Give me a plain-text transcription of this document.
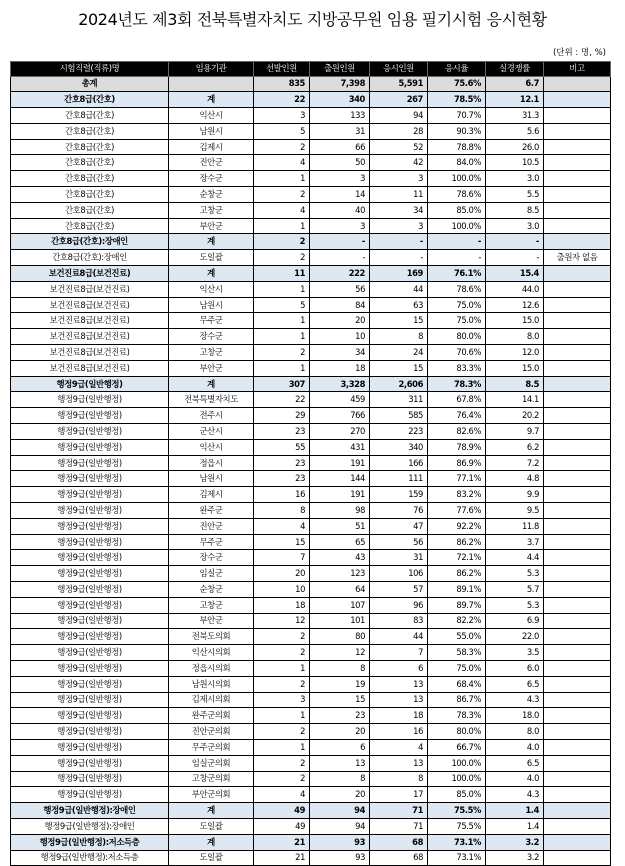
2024년도 제3회 전북특별자치도 지방공무원 임용 필기시험 응시현황
(단위 : 명, %)
시험직렬(직류)명	임용기관	선발인원	출원인원	응시인원	응시율	실경쟁률	비고
총계		835	7,398	5,591	75.6%	6.7	
간호8급(간호)	계	22	340	267	78.5%	12.1	
간호8급(간호)	익산시	3	133	94	70.7%	31.3	
간호8급(간호)	남원시	5	31	28	90.3%	5.6	
간호8급(간호)	김제시	2	66	52	78.8%	26.0	
간호8급(간호)	진안군	4	50	42	84.0%	10.5	
간호8급(간호)	장수군	1	3	3	100.0%	3.0	
간호8급(간호)	순창군	2	14	11	78.6%	5.5	
간호8급(간호)	고창군	4	40	34	85.0%	8.5	
간호8급(간호)	부안군	1	3	3	100.0%	3.0	
간호8급(간호):장애인	계	2	-	-	-	-	
간호8급(간호):장애인	도일괄	2	-	-	-	-	출원자 없음
보건진료8급(보건진료)	계	11	222	169	76.1%	15.4	
보건진료8급(보건진료)	익산시	1	56	44	78.6%	44.0	
보건진료8급(보건진료)	남원시	5	84	63	75.0%	12.6	
보건진료8급(보건진료)	무주군	1	20	15	75.0%	15.0	
보건진료8급(보건진료)	장수군	1	10	8	80.0%	8.0	
보건진료8급(보건진료)	고창군	2	34	24	70.6%	12.0	
보건진료8급(보건진료)	부안군	1	18	15	83.3%	15.0	
행정9급(일반행정)	계	307	3,328	2,606	78.3%	8.5	
행정9급(일반행정)	전북특별자치도	22	459	311	67.8%	14.1	
행정9급(일반행정)	전주시	29	766	585	76.4%	20.2	
행정9급(일반행정)	군산시	23	270	223	82.6%	9.7	
행정9급(일반행정)	익산시	55	431	340	78.9%	6.2	
행정9급(일반행정)	정읍시	23	191	166	86.9%	7.2	
행정9급(일반행정)	남원시	23	144	111	77.1%	4.8	
행정9급(일반행정)	김제시	16	191	159	83.2%	9.9	
행정9급(일반행정)	완주군	8	98	76	77.6%	9.5	
행정9급(일반행정)	진안군	4	51	47	92.2%	11.8	
행정9급(일반행정)	무주군	15	65	56	86.2%	3.7	
행정9급(일반행정)	장수군	7	43	31	72.1%	4.4	
행정9급(일반행정)	임실군	20	123	106	86.2%	5.3	
행정9급(일반행정)	순창군	10	64	57	89.1%	5.7	
행정9급(일반행정)	고창군	18	107	96	89.7%	5.3	
행정9급(일반행정)	부안군	12	101	83	82.2%	6.9	
행정9급(일반행정)	전북도의회	2	80	44	55.0%	22.0	
행정9급(일반행정)	익산시의회	2	12	7	58.3%	3.5	
행정9급(일반행정)	정읍시의회	1	8	6	75.0%	6.0	
행정9급(일반행정)	남원시의회	2	19	13	68.4%	6.5	
행정9급(일반행정)	김제시의회	3	15	13	86.7%	4.3	
행정9급(일반행정)	완주군의회	1	23	18	78.3%	18.0	
행정9급(일반행정)	진안군의회	2	20	16	80.0%	8.0	
행정9급(일반행정)	무주군의회	1	6	4	66.7%	4.0	
행정9급(일반행정)	임실군의회	2	13	13	100.0%	6.5	
행정9급(일반행정)	고창군의회	2	8	8	100.0%	4.0	
행정9급(일반행정)	부안군의회	4	20	17	85.0%	4.3	
행정9급(일반행정):장애인	계	49	94	71	75.5%	1.4	
행정9급(일반행정):장애인	도일괄	49	94	71	75.5%	1.4	
행정9급(일반행정):저소득층	계	21	93	68	73.1%	3.2	
행정9급(일반행정):저소득층	도일괄	21	93	68	73.1%	3.2	
